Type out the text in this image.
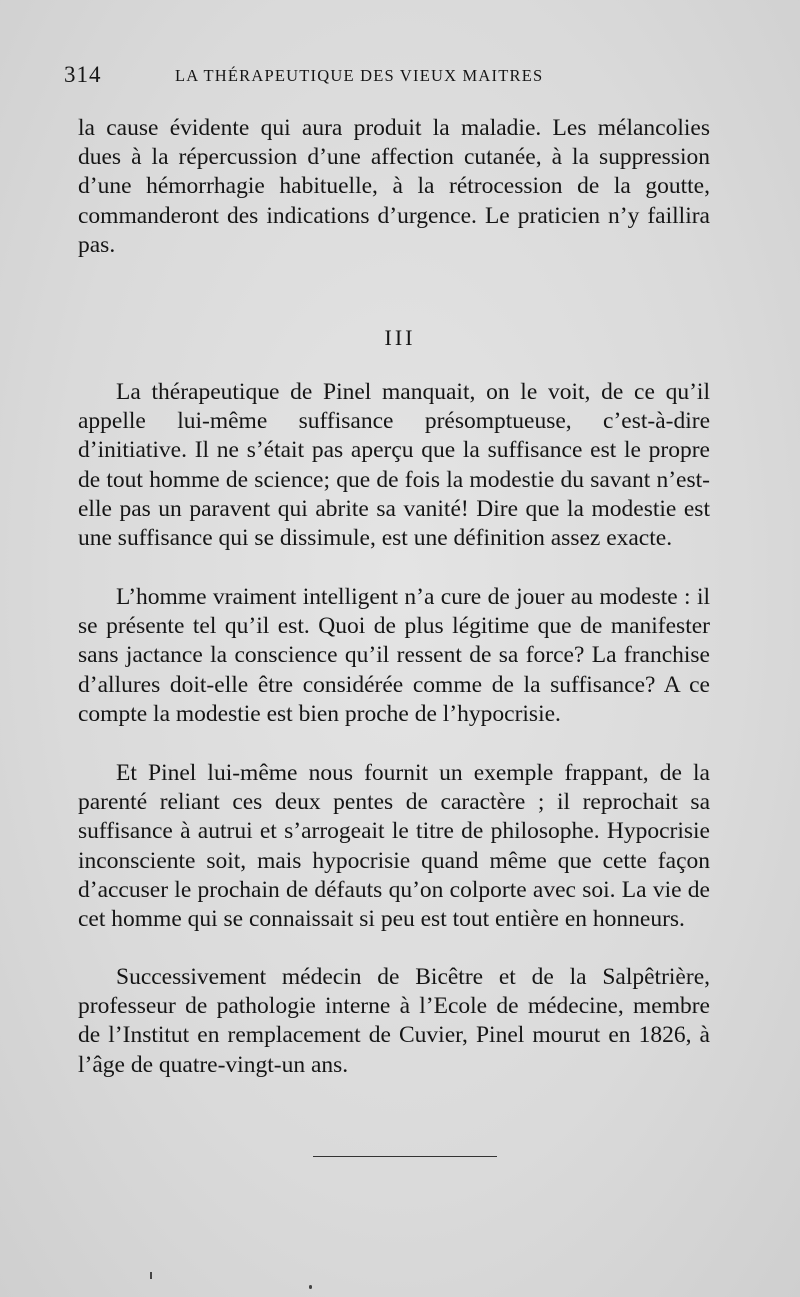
314	LA THÉRAPEUTIQUE DES VIEUX MAITRES

la cause évidente qui aura produit la maladie. Les mélancolies dues à la répercussion d’une affection cutanée, à la suppression d’une hémorrhagie habituelle, à la rétrocession de la goutte, commanderont des indications d’urgence. Le praticien n’y faillira pas.

III

La thérapeutique de Pinel manquait, on le voit, de ce qu’il appelle lui-même suffisance présomptueuse, c’est-à-dire d’initiative. Il ne s’était pas aperçu que la suffisance est le propre de tout homme de science; que de fois la modestie du savant n’est-elle pas un paravent qui abrite sa vanité! Dire que la modestie est une suffisance qui se dissimule, est une définition assez exacte.

L’homme vraiment intelligent n’a cure de jouer au modeste : il se présente tel qu’il est. Quoi de plus légitime que de manifester sans jactance la conscience qu’il ressent de sa force? La franchise d’allures doit-elle être considérée comme de la suffisance? A ce compte la modestie est bien proche de l’hypocrisie.

Et Pinel lui-même nous fournit un exemple frappant, de la parenté reliant ces deux pentes de caractère ; il reprochait sa suffisance à autrui et s’arrogeait le titre de philosophe. Hypocrisie inconsciente soit, mais hypocrisie quand même que cette façon d’accuser le prochain de défauts qu’on colporte avec soi. La vie de cet homme qui se connaissait si peu est tout entière en honneurs.

Successivement médecin de Bicêtre et de la Salpêtrière, professeur de pathologie interne à l’Ecole de médecine, membre de l’Institut en remplacement de Cuvier, Pinel mourut en 1826, à l’âge de quatre-vingt-un ans.
